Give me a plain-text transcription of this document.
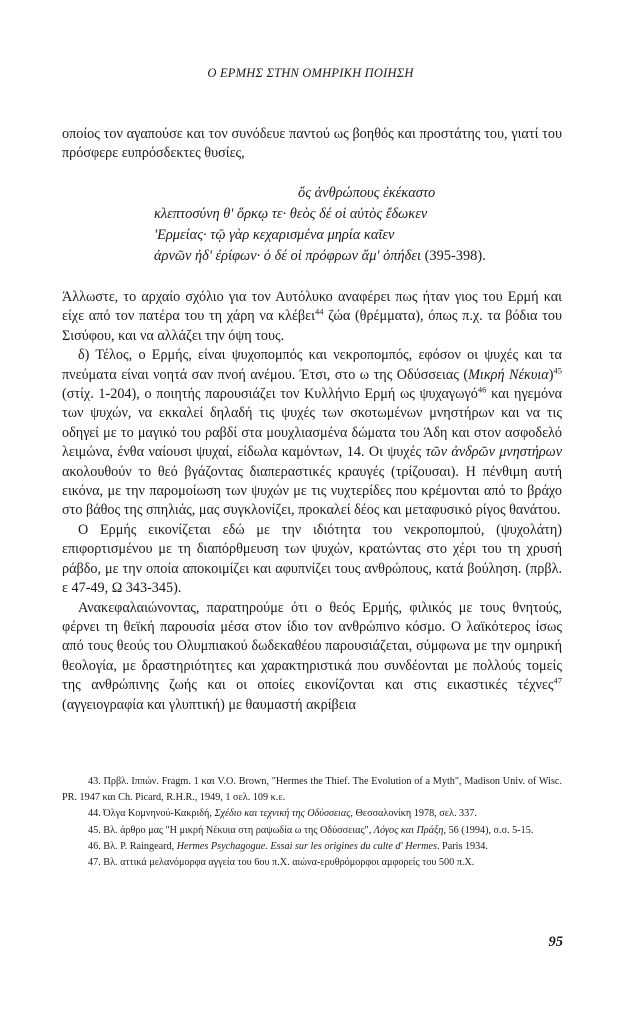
Ο ΕΡΜΗΣ ΣΤΗΝ ΟΜΗΡΙΚΗ ΠΟΙΗΣΗ

οποίος τον αγαπούσε και τον συνόδευε παντού ως βοηθός και προστάτης του, γιατί του πρόσφερε ευπρόσδεκτες θυσίες,

ὅς ἀνθρώπους ἐκέκαστο
κλεπτοσύνη θ' ὅρκῳ τε· θεὸς δέ οἱ αὐτὸς ἔδωκεν
'Ερμείας· τῷ γὰρ κεχαρισμένα μηρία καῖεν
ἀρνῶν ἠδ' ἐρίφων· ὁ δέ οἱ πρόφρων ἅμ' ὀπήδει (395-398).

Άλλωστε, το αρχαίο σχόλιο για τον Αυτόλυκο αναφέρει πως ήταν γιος του Ερμή και είχε από τον πατέρα του τη χάρη να κλέβει$^{44}$ ζώα (θρέμματα), όπως π.χ. τα βόδια του Σισύφου, και να αλλάζει την όψη τους.

δ) Τέλος, ο Ερμής, είναι ψυχοπομπός και νεκροπομπός, εφόσον οι ψυχές και τα πνεύματα είναι νοητά σαν πνοή ανέμου. Έτσι, στο ω της Οδύσσειας (Μικρή Νέκυια)$^{45}$ (στίχ. 1-204), ο ποιητής παρουσιάζει τον Κυλλήνιο Ερμή ως ψυχαγωγό$^{46}$ και ηγεμόνα των ψυχών, να εκκαλεί δηλαδή τις ψυχές των σκοτωμένων μνηστήρων και να τις οδηγεί με το μαγικό του ραβδί στα μουχλιασμένα δώματα του Άδη και στον ασφοδελό λειμώνα, ένθα ναίουσι ψυχαί, είδωλα καμόντων, 14. Οι ψυχές τῶν ἀνδρῶν μνηστήρων ακολουθούν το θεό βγάζοντας διαπεραστικές κραυγές (τρίζουσαι). Η πένθιμη αυτή εικόνα, με την παρομοίωση των ψυχών με τις νυχτερίδες που κρέμονται από το βράχο στο βάθος της σπηλιάς, μας συγκλονίζει, προκαλεί δέος και μεταφυσικό ρίγος θανάτου.

Ο Ερμής εικονίζεται εδώ με την ιδιότητα του νεκροπομπού, (ψυχολάτη) επιφορτισμένου με τη διαπόρθμευση των ψυχών, κρατώντας στο χέρι του τη χρυσή ράβδο, με την οποία αποκοιμίζει και αφυπνίζει τους ανθρώπους, κατά βούληση. (πρβλ. ε 47-49, Ω 343-345).

Ανακεφαλαιώνοντας, παρατηρούμε ότι ο θεός Ερμής, φιλικός με τους θνητούς, φέρνει τη θεϊκή παρουσία μέσα στον ίδιο τον ανθρώπινο κόσμο. Ο λαϊκότερος ίσως από τους θεούς του Ολυμπιακού δωδεκαθέου παρουσιάζεται, σύμφωνα με την ομηρική θεολογία, με δραστηριότητες και χαρακτηριστικά που συνδέονται με πολλούς τομείς της ανθρώπινης ζωής και οι οποίες εικονίζονται και στις εικαστικές τέχνες$^{47}$ (αγγειογραφία και γλυπτική) με θαυμαστή ακρίβεια

43. Πρβλ. Ιππών. Fragm. 1 και V.O. Brown, "Hermes the Thief. The Evolution of a Myth", Madison Univ. of Wisc. PR. 1947 και Ch. Picard, R.H.R., 1949, 1 σελ. 109 κ.ε.

44. Όλγα Κομνηνού-Κακριδή, Σχέδιο και τεχνική της Οδύσσειας, Θεσσαλονίκη 1978, σελ. 337.

45. Βλ. άρθρο μας "Η μικρή Νέκυια στη ραψωδία ω της Οδύσσειας", Λόγος και Πράξη, 56 (1994), σ.σ. 5-15.

46. Βλ. P. Raingeard, Hermes Psychagogue. Essai sur les origines du culte d' Hermes. Paris 1934.

47. Βλ. αττικά μελανόμορφα αγγεία του 6ου π.Χ. αιώνα-ερυθρόμορφοι αμφορείς του 500 π.Χ.

95
